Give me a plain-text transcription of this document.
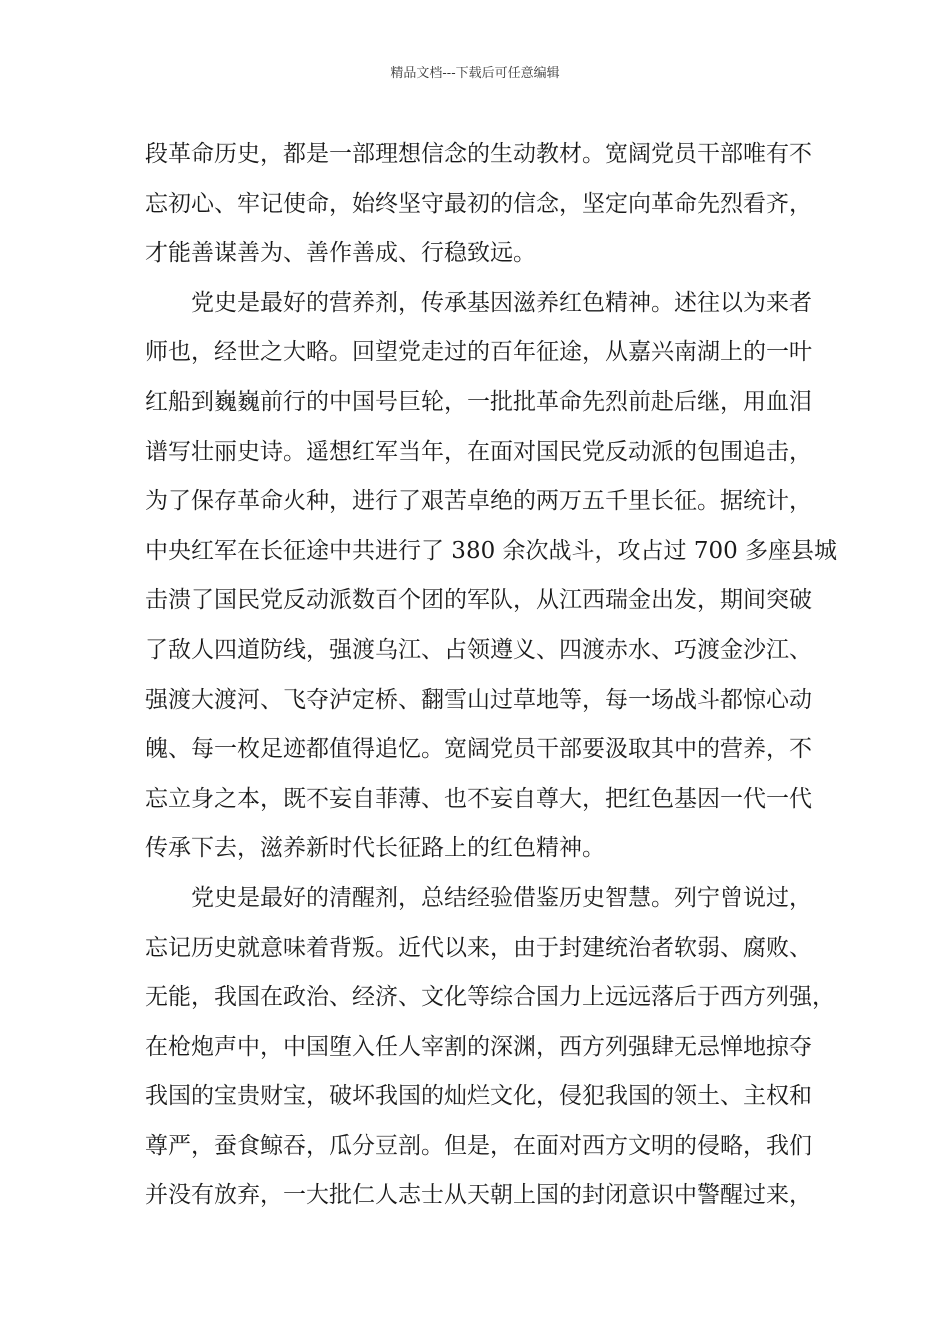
精品文档---下载后可任意编辑
段革命历史，都是一部理想信念的生动教材。宽阔党员干部唯有不
忘初心、牢记使命，始终坚守最初的信念，坚定向革命先烈看齐，
才能善谋善为、善作善成、行稳致远。
党史是最好的营养剂，传承基因滋养红色精神。述往以为来者
师也，经世之大略。回望党走过的百年征途，从嘉兴南湖上的一叶
红船到巍巍前行的中国号巨轮，一批批革命先烈前赴后继，用血泪
谱写壮丽史诗。遥想红军当年，在面对国民党反动派的包围追击，
为了保存革命火种，进行了艰苦卓绝的两万五千里长征。据统计，
中央红军在长征途中共进行了 380 余次战斗，攻占过 700 多座县城
击溃了国民党反动派数百个团的军队，从江西瑞金出发，期间突破
了敌人四道防线，强渡乌江、占领遵义、四渡赤水、巧渡金沙江、
强渡大渡河、飞夺泸定桥、翻雪山过草地等，每一场战斗都惊心动
魄、每一枚足迹都值得追忆。宽阔党员干部要汲取其中的营养，不
忘立身之本，既不妄自菲薄、也不妄自尊大，把红色基因一代一代
传承下去，滋养新时代长征路上的红色精神。
党史是最好的清醒剂，总结经验借鉴历史智慧。列宁曾说过，
忘记历史就意味着背叛。近代以来，由于封建统治者软弱、腐败、
无能，我国在政治、经济、文化等综合国力上远远落后于西方列强，
在枪炮声中，中国堕入任人宰割的深渊，西方列强肆无忌惮地掠夺
我国的宝贵财宝，破坏我国的灿烂文化，侵犯我国的领土、主权和
尊严，蚕食鲸吞，瓜分豆剖。但是，在面对西方文明的侵略，我们
并没有放弃，一大批仁人志士从天朝上国的封闭意识中警醒过来，
